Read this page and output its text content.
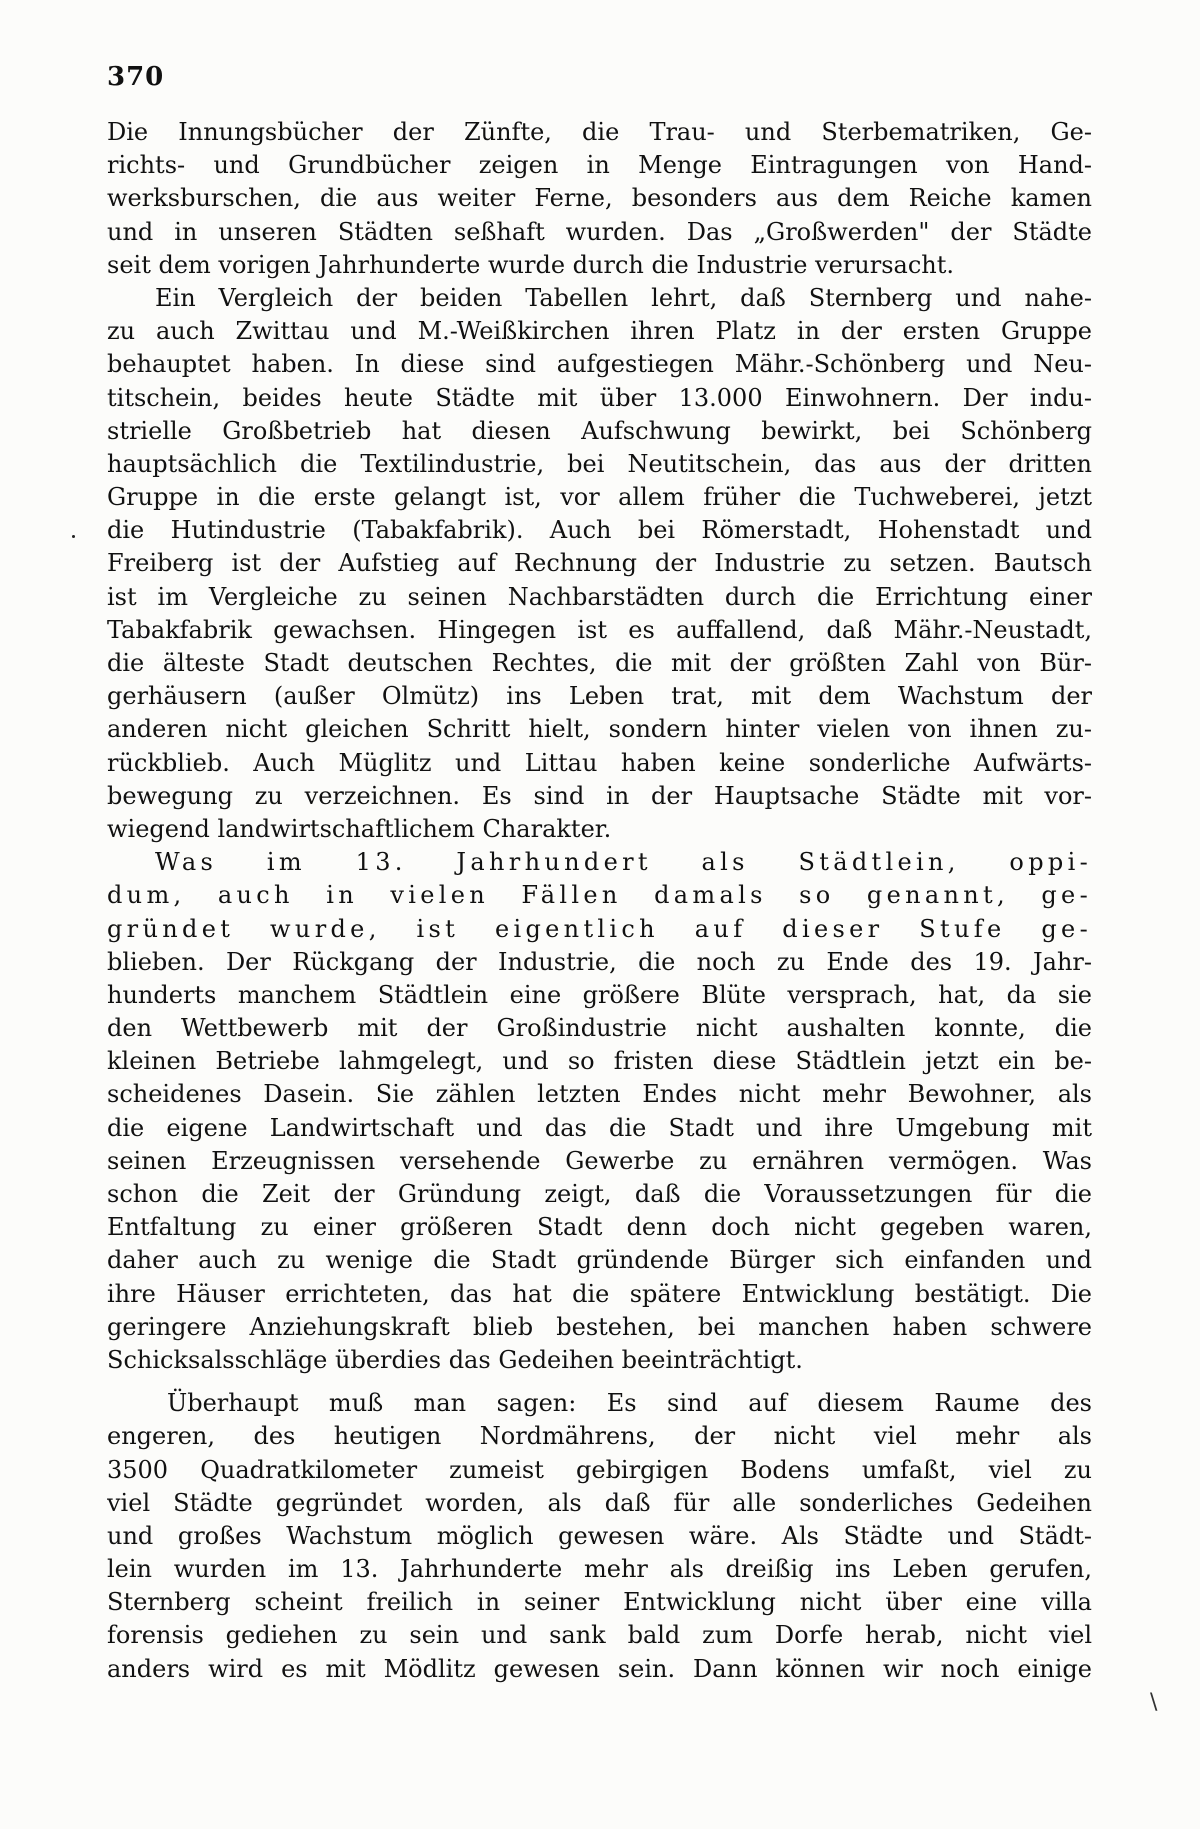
370
Die Innungsbücher der Zünfte, die Trau- und Sterbematriken, Ge-
richts- und Grundbücher zeigen in Menge Eintragungen von Hand-
werksburschen, die aus weiter Ferne, besonders aus dem Reiche kamen
und in unseren Städten seßhaft wurden. Das „Großwerden" der Städte
seit dem vorigen Jahrhunderte wurde durch die Industrie verursacht.
Ein Vergleich der beiden Tabellen lehrt, daß Sternberg und nahe-
zu auch Zwittau und M.-Weißkirchen ihren Platz in der ersten Gruppe
behauptet haben. In diese sind aufgestiegen Mähr.-Schönberg und Neu-
titschein, beides heute Städte mit über 13.000 Einwohnern. Der indu-
strielle Großbetrieb hat diesen Aufschwung bewirkt, bei Schönberg
hauptsächlich die Textilindustrie, bei Neutitschein, das aus der dritten
Gruppe in die erste gelangt ist, vor allem früher die Tuchweberei, jetzt
die Hutindustrie (Tabakfabrik). Auch bei Römerstadt, Hohenstadt und
Freiberg ist der Aufstieg auf Rechnung der Industrie zu setzen. Bautsch
ist im Vergleiche zu seinen Nachbarstädten durch die Errichtung einer
Tabakfabrik gewachsen. Hingegen ist es auffallend, daß Mähr.-Neustadt,
die älteste Stadt deutschen Rechtes, die mit der größten Zahl von Bür-
gerhäusern (außer Olmütz) ins Leben trat, mit dem Wachstum der
anderen nicht gleichen Schritt hielt, sondern hinter vielen von ihnen zu-
rückblieb. Auch Müglitz und Littau haben keine sonderliche Aufwärts-
bewegung zu verzeichnen. Es sind in der Hauptsache Städte mit vor-
wiegend landwirtschaftlichem Charakter.
Was im 13. Jahrhundert als Städtlein, oppi-
dum, auch in vielen Fällen damals so genannt, ge-
gründet wurde, ist eigentlich auf dieser Stufe ge-
blieben. Der Rückgang der Industrie, die noch zu Ende des 19. Jahr-
hunderts manchem Städtlein eine größere Blüte versprach, hat, da sie
den Wettbewerb mit der Großindustrie nicht aushalten konnte, die
kleinen Betriebe lahmgelegt, und so fristen diese Städtlein jetzt ein be-
scheidenes Dasein. Sie zählen letzten Endes nicht mehr Bewohner, als
die eigene Landwirtschaft und das die Stadt und ihre Umgebung mit
seinen Erzeugnissen versehende Gewerbe zu ernähren vermögen. Was
schon die Zeit der Gründung zeigt, daß die Voraussetzungen für die
Entfaltung zu einer größeren Stadt denn doch nicht gegeben waren,
daher auch zu wenige die Stadt gründende Bürger sich einfanden und
ihre Häuser errichteten, das hat die spätere Entwicklung bestätigt. Die
geringere Anziehungskraft blieb bestehen, bei manchen haben schwere
Schicksalsschläge überdies das Gedeihen beeinträchtigt.
Überhaupt muß man sagen: Es sind auf diesem Raume des
engeren, des heutigen Nordmährens, der nicht viel mehr als
3500 Quadratkilometer zumeist gebirgigen Bodens umfaßt, viel zu
viel Städte gegründet worden, als daß für alle sonderliches Gedeihen
und großes Wachstum möglich gewesen wäre. Als Städte und Städt-
lein wurden im 13. Jahrhunderte mehr als dreißig ins Leben gerufen,
Sternberg scheint freilich in seiner Entwicklung nicht über eine villa
forensis gediehen zu sein und sank bald zum Dorfe herab, nicht viel
anders wird es mit Mödlitz gewesen sein. Dann können wir noch einige
\
